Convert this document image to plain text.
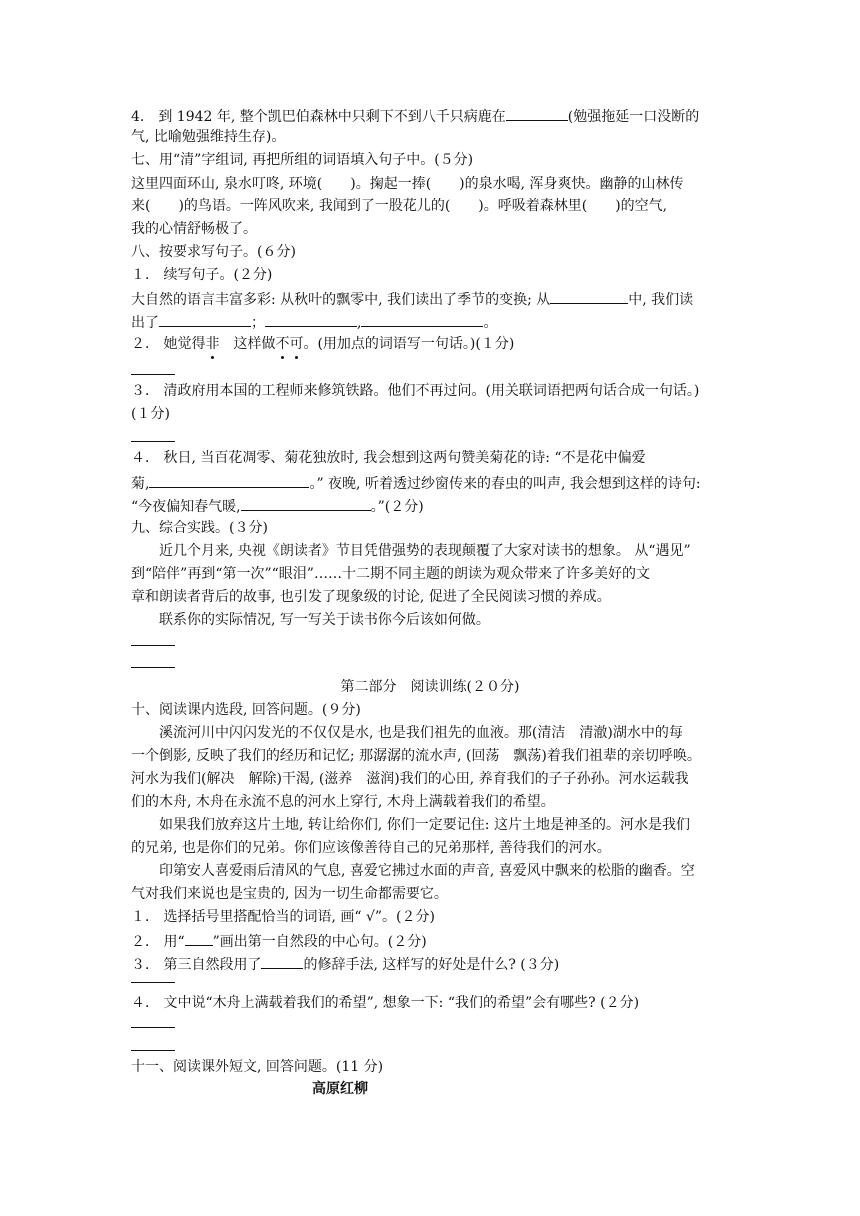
4． 到 1942 年, 整个凯巴伯森林中只剩下不到八千只病鹿在	(勉强拖延一口没断的
气, 比喻勉强维持生存)。
七、用“清”字组词, 再把所组的词语填入句子中。(５分)
这里四面环山, 泉水叮咚, 环境(　　)。掬起一捧(　　)的泉水喝, 浑身爽快。幽静的山林传
来(　　)的鸟语。一阵风吹来, 我闻到了一股花儿的(　　)。呼吸着森林里(　　)的空气,
我的心情舒畅极了。
八、按要求写句子。(６分)
１． 续写句子。(２分)
大自然的语言丰富多彩: 从秋叶的飘零中, 我们读出了季节的变换; 从	中, 我们读
出了	；	,	。
２． 她觉得非 这样做不可。(用加点的词语写一句话。)(１分)
３． 清政府用本国的工程师来修筑铁路。他们不再过问。(用关联词语把两句话合成一句话。)
(１分)
４． 秋日, 当百花凋零、菊花独放时, 我会想到这两句赞美菊花的诗: “不是花中偏爱
菊,	。” 夜晚, 听着透过纱窗传来的春虫的叫声, 我会想到这样的诗句:
“今夜偏知春气暖,	。”(２分)
九、综合实践。(３分)
近几个月来, 央视《朗读者》节目凭借强势的表现颠覆了大家对读书的想象。 从“遇见”
到“陪伴”再到“第一次”“眼泪”……十二期不同主题的朗读为观众带来了许多美好的文
章和朗读者背后的故事, 也引发了现象级的讨论, 促进了全民阅读习惯的养成。
联系你的实际情况, 写一写关于读书你今后该如何做。
第二部分　阅读训练(２０分)
十、阅读课内选段, 回答问题。(９分)
溪流河川中闪闪发光的不仅仅是水, 也是我们祖先的血液。那(清洁　清澈)湖水中的每
一个倒影, 反映了我们的经历和记忆; 那潺潺的流水声, (回荡　飘荡)着我们祖辈的亲切呼唤。
河水为我们(解决　解除)干渴, (滋养　滋润)我们的心田, 养育我们的子子孙孙。河水运载我
们的木舟, 木舟在永流不息的河水上穿行, 木舟上满载着我们的希望。
如果我们放弃这片土地, 转让给你们, 你们一定要记住: 这片土地是神圣的。河水是我们
的兄弟, 也是你们的兄弟。你们应该像善待自己的兄弟那样, 善待我们的河水。
印第安人喜爱雨后清风的气息, 喜爱它拂过水面的声音, 喜爱风中飘来的松脂的幽香。空
气对我们来说也是宝贵的, 因为一切生命都需要它。
１． 选择括号里搭配恰当的词语, 画“ √”。(２分)
２． 用“ ”画出第一自然段的中心句。(２分)
３． 第三自然段用了	的修辞手法, 这样写的好处是什么? (３分)
４． 文中说“木舟上满载着我们的希望”, 想象一下: “我们的希望”会有哪些? (２分)
十一、阅读课外短文, 回答问题。(11 分)
高原红柳
